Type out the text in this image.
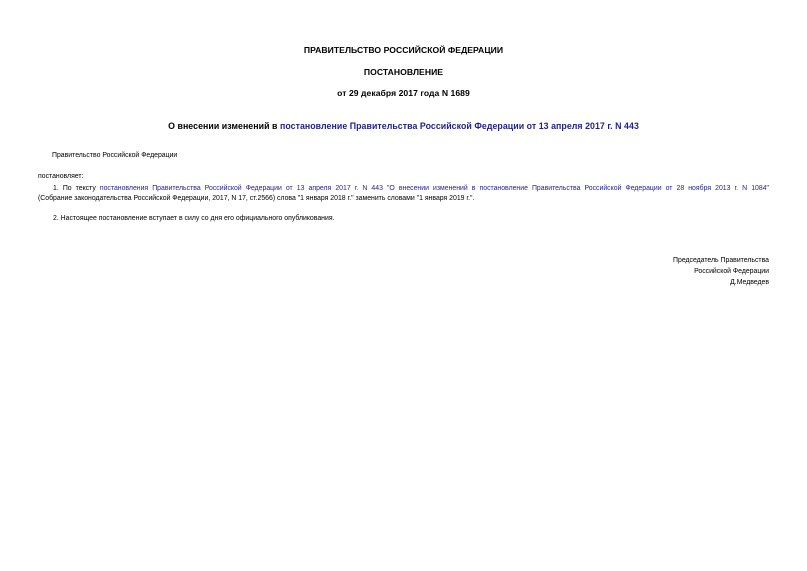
ПРАВИТЕЛЬСТВО РОССИЙСКОЙ ФЕДЕРАЦИИ
ПОСТАНОВЛЕНИЕ
от 29 декабря 2017 года N 1689
О внесении изменений в постановление Правительства Российской Федерации от 13 апреля 2017 г. N 443
Правительство Российской Федерации
постановляет:
1. По тексту постановления Правительства Российской Федерации от 13 апреля 2017 г. N 443 "О внесении изменений в постановление Правительства Российской Федерации от 28 ноября 2013 г. N 1084"
(Собрание законодательства Российской Федерации, 2017, N 17, ст.2566) слова "1 января 2018 г." заменить словами "1 января 2019 г.".
2. Настоящее постановление вступает в силу со дня его официального опубликования.
Председатель Правительства
Российской Федерации
Д.Медведев
